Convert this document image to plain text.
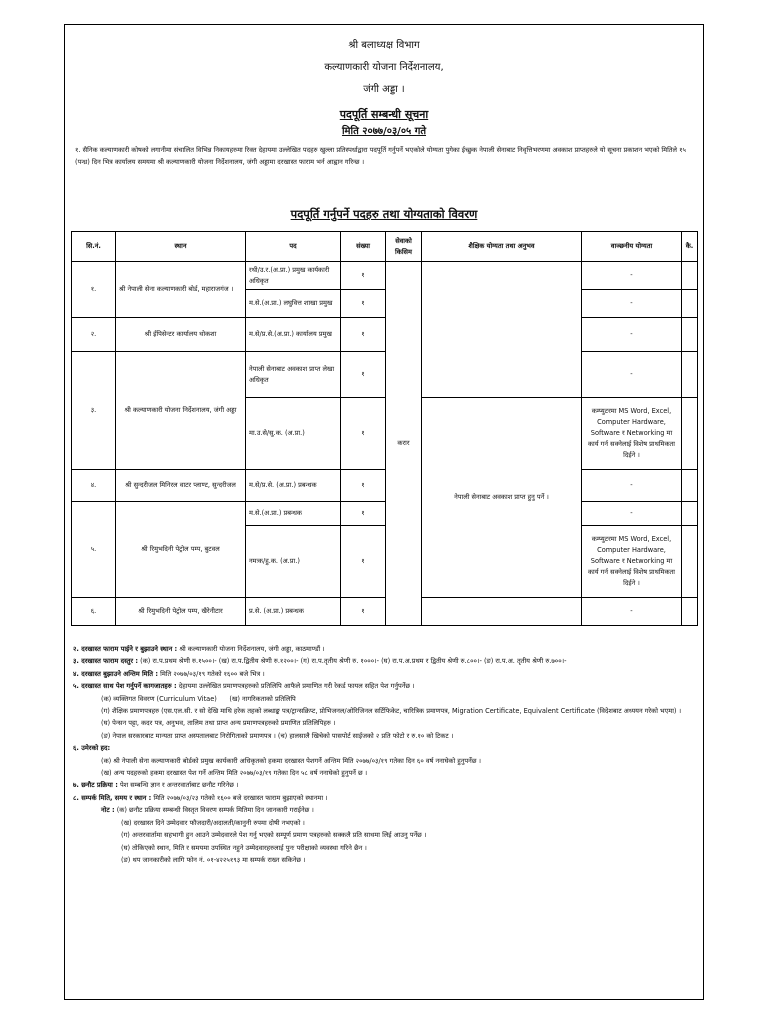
श्री बलाध्यक्ष विभाग
कल्याणकारी योजना निर्देशनालय,
जंगी अड्डा ।
पदपूर्ति सम्बन्धी सूचना
मिति २०७७/०३/०५ गते
१. सैनिक कल्याणकारी कोषको लगानीमा संचालित विभिन्न निकायहरुमा रिक्त देहायमा उल्लेखित पदहरु खुल्ला प्रतिस्पर्धाद्वारा पदपूर्ति गर्नुपर्ने भएकोले योग्यता पुगेका ईच्छुक नेपाली सेनाबाट निवृत्तिभरणमा अवकाश प्राप्तहरुले यो सूचना प्रकाशन भएको मितिले १५ (पन्ध्र) दिन भित्र कार्यालय समयमा श्री कल्याणकारी योजना निर्देशनालय, जंगी अड्डामा दरखास्त फाराम भर्न आह्वान गरिन्छ ।
पदपूर्ति गर्नुपर्ने पदहरु तथा योग्यताको विवरण
सि.नं.	स्थान	पद	संख्या	सेवाको किसिम	शैक्षिक योग्यता तथा अनुभव	वाञ्छनीय योग्यता	कै.
१.	श्री नेपाली सेना कल्याणकारी बोर्ड, महाराजगंज ।	रथी/उ.र.(अ.प्रा.) प्रमुख कार्यकारी अधिकृत	१	करार		-	
		म.से.(अ.प्रा.) लघुवित्त शाखा प्रमुख	१			-	
२.	श्री ईपिसेन्टर कार्यालय थोकशा	म.से/प्र.से.(अ.प्रा.) कार्यालय प्रमुख	१			-	
३.	श्री कल्याणकारी योजना निर्देशनालय, जंगी अड्डा	नेपाली सेनाबाट अवकाश प्राप्त लेखा अधिकृत	१			-	
		मा.उ.से/सु.क. (अ.प्रा.)	१		नेपाली सेनाबाट अवकाश प्राप्त हुनु पर्ने ।	कम्प्युटरमा MS Word, Excel, Computer Hardware, Software र Networking मा कार्य गर्न सक्नेलाई विशेष प्राथमिकता दिईने ।	
४.	श्री सुन्दरीजल मिनिरल वाटर प्लाण्ट, सुन्दरीजल	म.से/प्र.से. (अ.प्रा.) प्रबन्धक	१			-	
५.	श्री रिमुभदिनी पेट्रोल पम्प, बुटवल	म.से.(अ.प्रा.) प्रबन्धक	१			-	
		नमःक/हु.क. (अ.प्रा.)	१			कम्प्युटरमा MS Word, Excel, Computer Hardware, Software र Networking मा कार्य गर्न सक्नेलाई विशेष प्राथमिकता दिईने ।	
६.	श्री रिमुभदिनी पेट्रोल पम्प, खैरेनीटार	प्र.से. (अ.प्रा.) प्रबन्धक	१			-	
२. दरखास्त फाराम पाईने र बुझाउने स्थान : श्री कल्याणकारी योजना निर्देशनालय, जंगी अड्डा, काठमाण्डौं ।
३. दरखास्त फाराम दस्तुर : (क) रा.प.प्रथम श्रेणी रु.१५००।- (ख) रा.प.द्वितीय श्रेणी रु.१२००।- (ग) रा.प.तृतीय श्रेणी रु. १०००।- (घ) रा.प.अ.प्रथम र द्वितीय श्रेणी रु.८००।- (ङ) रा.प.अ. तृतीय श्रेणी रु.७००।-
४. दरखास्त बुझाउने अन्तिम मिति : मिति २०७७/०३/१९ गतेको १६०० बजे भित्र ।
५. दरखास्त साथ पेश गर्नुपर्ने कागजातहरु : देहायमा उल्लेखित प्रमाणपत्रहरुको प्रतिलिपि आफैले प्रमाणित गरी रेकर्ड फायल सहित पेश गर्नुपर्नेछ ।
(क) व्यक्तिगत विवरण (Curriculum Vitae) (ख) नागरिकताको प्रतिलिपि
(ग) शैक्षिक प्रमाणपत्रहरु (एस.एल.सी. र सो देखि माथि हरेक तहको लब्धाङ्क पत्र/ट्रान्सक्रिप्ट, प्रोभिजनल/ओरिजिनल सर्टिफिकेट, चारित्रिक प्रमाणपत्र, Migration Certificate, Equivalent Certificate (विदेशबाट अध्ययन गरेको भएमा) ।
(घ) पेन्सन पट्टा, कदर पत्र, अनुभव, तालिम तथा प्राप्त अन्य प्रमाणपत्रहरुको प्रमाणित प्रतिलिपिहरु ।
(ङ) नेपाल सरकारबाट मान्यता प्राप्त अस्पतालबाट निरोगिताको प्रमाणपत्र । (च) हालसालै खिचेको पासपोर्ट साईजको २ प्रति फोटो र रु.१० को टिकट ।
६. उमेरको हद:
(क) श्री नेपाली सेना कल्याणकारी बोर्डको प्रमुख कार्यकारी अधिकृतको हकमा दरखास्त पेशगर्ने अन्तिम मिति २०७७/०३/१९ गतेका दिन ६० वर्ष ननाघेको हुनुपर्नेछ ।
(ख) अन्य पदहरुको हकमा दरखास्त पेश गर्ने अन्तिम मिति २०७७/०३/१९ गतेका दिन ५८ वर्ष ननाघेको हुनुपर्ने छ ।
७. छनौट प्रक्रिया : पेश सम्बन्धि ज्ञान र अन्तरवार्ताबाट छनौट गरिनेछ ।
८. सम्पर्क मिति, समय र स्थान : मिति २०७७/०३/२३ गतेको १६०० बजे दरखास्त फाराम बुझाएको स्थानमा ।
नोट : (क) छनौट प्रक्रिया सम्बन्धी विस्तृत विवरण सम्पर्क मितिमा दिन जानकारी गराईनेछ ।
(ख) दरखास्त दिने उम्मेदवार फौजदारी/अदालती/कानुनी रुपमा दोषी नभएको ।
(ग) अन्तरवार्तामा सहभागी हुन आउने उम्मेदवारले पेश गर्नु भएको सम्पूर्ण प्रमाण पत्रहरुको सक्कलै प्रति साथमा लिई आउनु पर्नेछ ।
(घ) तोकिएको स्थान, मिति र समयमा उपस्थित नहुने उम्मेदवारहरुलाई पुनः परीक्षाको व्यवस्था गरिने छैन ।
(ङ) थप जानकारीको लागि फोन नं. ०१-४२२५१९३ मा सम्पर्क राख्न सकिनेछ ।
